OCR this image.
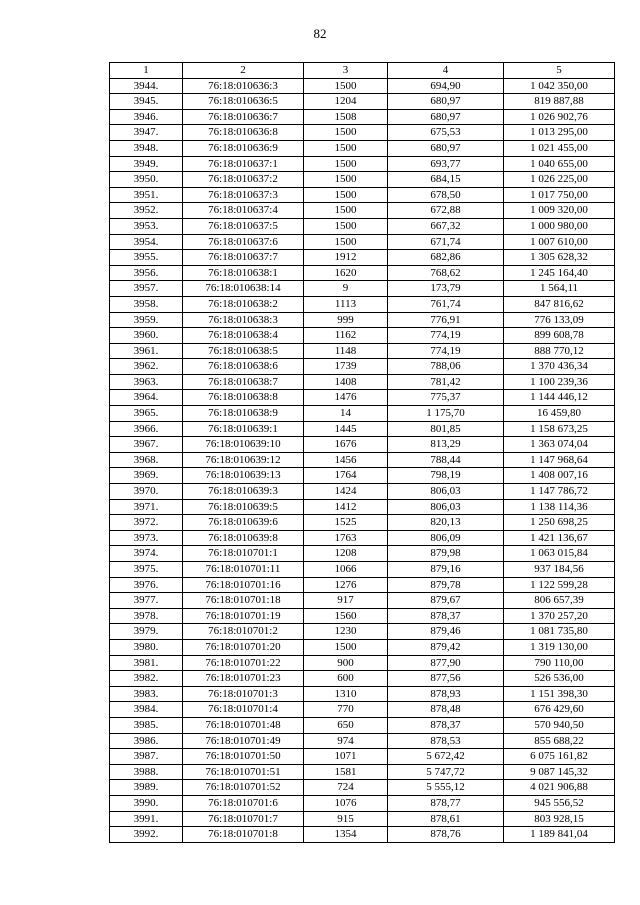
82
1	2	3	4	5
3944.	76:18:010636:3	1500	694,90	1 042 350,00
3945.	76:18:010636:5	1204	680,97	819 887,88
3946.	76:18:010636:7	1508	680,97	1 026 902,76
3947.	76:18:010636:8	1500	675,53	1 013 295,00
3948.	76:18:010636:9	1500	680,97	1 021 455,00
3949.	76:18:010637:1	1500	693,77	1 040 655,00
3950.	76:18:010637:2	1500	684,15	1 026 225,00
3951.	76:18:010637:3	1500	678,50	1 017 750,00
3952.	76:18:010637:4	1500	672,88	1 009 320,00
3953.	76:18:010637:5	1500	667,32	1 000 980,00
3954.	76:18:010637:6	1500	671,74	1 007 610,00
3955.	76:18:010637:7	1912	682,86	1 305 628,32
3956.	76:18:010638:1	1620	768,62	1 245 164,40
3957.	76:18:010638:14	9	173,79	1 564,11
3958.	76:18:010638:2	1113	761,74	847 816,62
3959.	76:18:010638:3	999	776,91	776 133,09
3960.	76:18:010638:4	1162	774,19	899 608,78
3961.	76:18:010638:5	1148	774,19	888 770,12
3962.	76:18:010638:6	1739	788,06	1 370 436,34
3963.	76:18:010638:7	1408	781,42	1 100 239,36
3964.	76:18:010638:8	1476	775,37	1 144 446,12
3965.	76:18:010638:9	14	1 175,70	16 459,80
3966.	76:18:010639:1	1445	801,85	1 158 673,25
3967.	76:18:010639:10	1676	813,29	1 363 074,04
3968.	76:18:010639:12	1456	788,44	1 147 968,64
3969.	76:18:010639:13	1764	798,19	1 408 007,16
3970.	76:18:010639:3	1424	806,03	1 147 786,72
3971.	76:18:010639:5	1412	806,03	1 138 114,36
3972.	76:18:010639:6	1525	820,13	1 250 698,25
3973.	76:18:010639:8	1763	806,09	1 421 136,67
3974.	76:18:010701:1	1208	879,98	1 063 015,84
3975.	76:18:010701:11	1066	879,16	937 184,56
3976.	76:18:010701:16	1276	879,78	1 122 599,28
3977.	76:18:010701:18	917	879,67	806 657,39
3978.	76:18:010701:19	1560	878,37	1 370 257,20
3979.	76:18:010701:2	1230	879,46	1 081 735,80
3980.	76:18:010701:20	1500	879,42	1 319 130,00
3981.	76:18:010701:22	900	877,90	790 110,00
3982.	76:18:010701:23	600	877,56	526 536,00
3983.	76:18:010701:3	1310	878,93	1 151 398,30
3984.	76:18:010701:4	770	878,48	676 429,60
3985.	76:18:010701:48	650	878,37	570 940,50
3986.	76:18:010701:49	974	878,53	855 688,22
3987.	76:18:010701:50	1071	5 672,42	6 075 161,82
3988.	76:18:010701:51	1581	5 747,72	9 087 145,32
3989.	76:18:010701:52	724	5 555,12	4 021 906,88
3990.	76:18:010701:6	1076	878,77	945 556,52
3991.	76:18:010701:7	915	878,61	803 928,15
3992.	76:18:010701:8	1354	878,76	1 189 841,04
